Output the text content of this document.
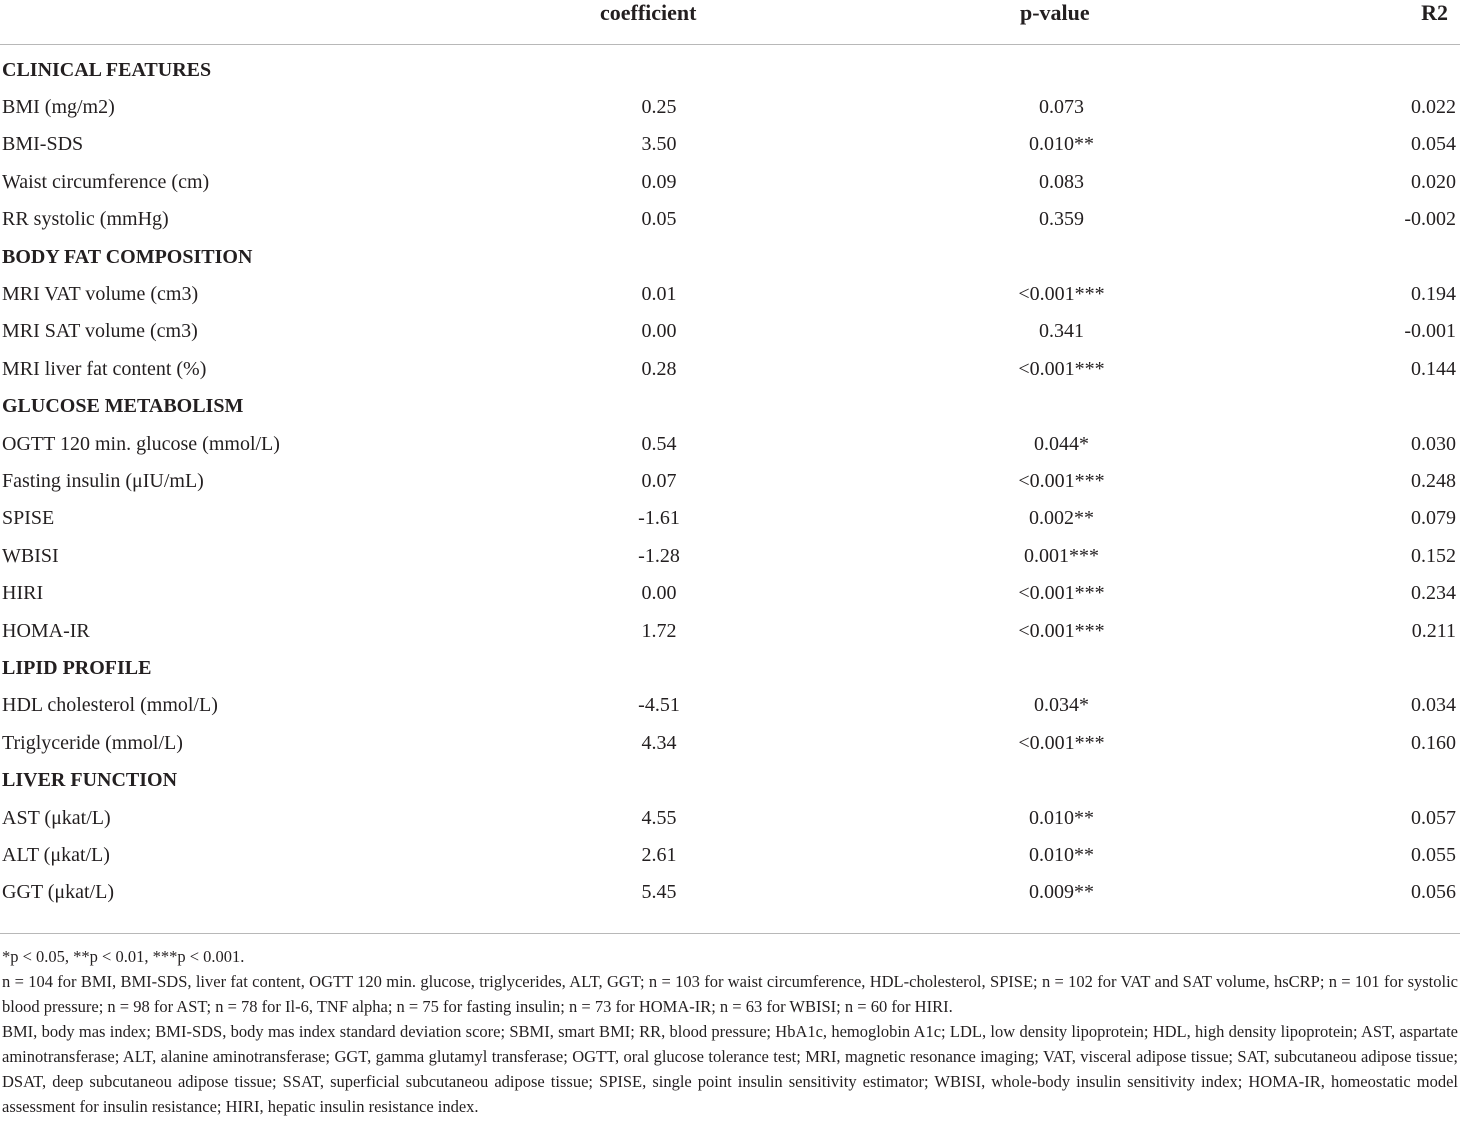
	coefficient	p-value	R2
CLINICAL FEATURES			
BMI (mg/m2)	0.25	0.073	0.022
BMI-SDS	3.50	0.010**	0.054
Waist circumference (cm)	0.09	0.083	0.020
RR systolic (mmHg)	0.05	0.359	-0.002
BODY FAT COMPOSITION			
MRI VAT volume (cm3)	0.01	<0.001***	0.194
MRI SAT volume (cm3)	0.00	0.341	-0.001
MRI liver fat content (%)	0.28	<0.001***	0.144
GLUCOSE METABOLISM			
OGTT 120 min. glucose (mmol/L)	0.54	0.044*	0.030
Fasting insulin (μIU/mL)	0.07	<0.001***	0.248
SPISE	-1.61	0.002**	0.079
WBISI	-1.28	0.001***	0.152
HIRI	0.00	<0.001***	0.234
HOMA-IR	1.72	<0.001***	0.211
LIPID PROFILE			
HDL cholesterol (mmol/L)	-4.51	0.034*	0.034
Triglyceride (mmol/L)	4.34	<0.001***	0.160
LIVER FUNCTION			
AST (μkat/L)	4.55	0.010**	0.057
ALT (μkat/L)	2.61	0.010**	0.055
GGT (μkat/L)	5.45	0.009**	0.056

*p < 0.05, **p < 0.01, ***p < 0.001.

n = 104 for BMI, BMI-SDS, liver fat content, OGTT 120 min. glucose, triglycerides, ALT, GGT; n = 103 for waist circumference, HDL-cholesterol, SPISE; n = 102 for VAT and SAT volume, hsCRP; n = 101 for systolic blood pressure; n = 98 for AST; n = 78 for Il-6, TNF alpha; n = 75 for fasting insulin; n = 73 for HOMA-IR; n = 63 for WBISI; n = 60 for HIRI.

BMI, body mas index; BMI-SDS, body mas index standard deviation score; SBMI, smart BMI; RR, blood pressure; HbA1c, hemoglobin A1c; LDL, low density lipoprotein; HDL, high density lipoprotein; AST, aspartate aminotransferase; ALT, alanine aminotransferase; GGT, gamma glutamyl transferase; OGTT, oral glucose tolerance test; MRI, magnetic resonance imaging; VAT, visceral adipose tissue; SAT, subcutaneou adipose tissue; DSAT, deep subcutaneou adipose tissue; SSAT, superficial subcutaneou adipose tissue; SPISE, single point insulin sensitivity estimator; WBISI, whole-body insulin sensitivity index; HOMA-IR, homeostatic model assessment for insulin resistance; HIRI, hepatic insulin resistance index.
